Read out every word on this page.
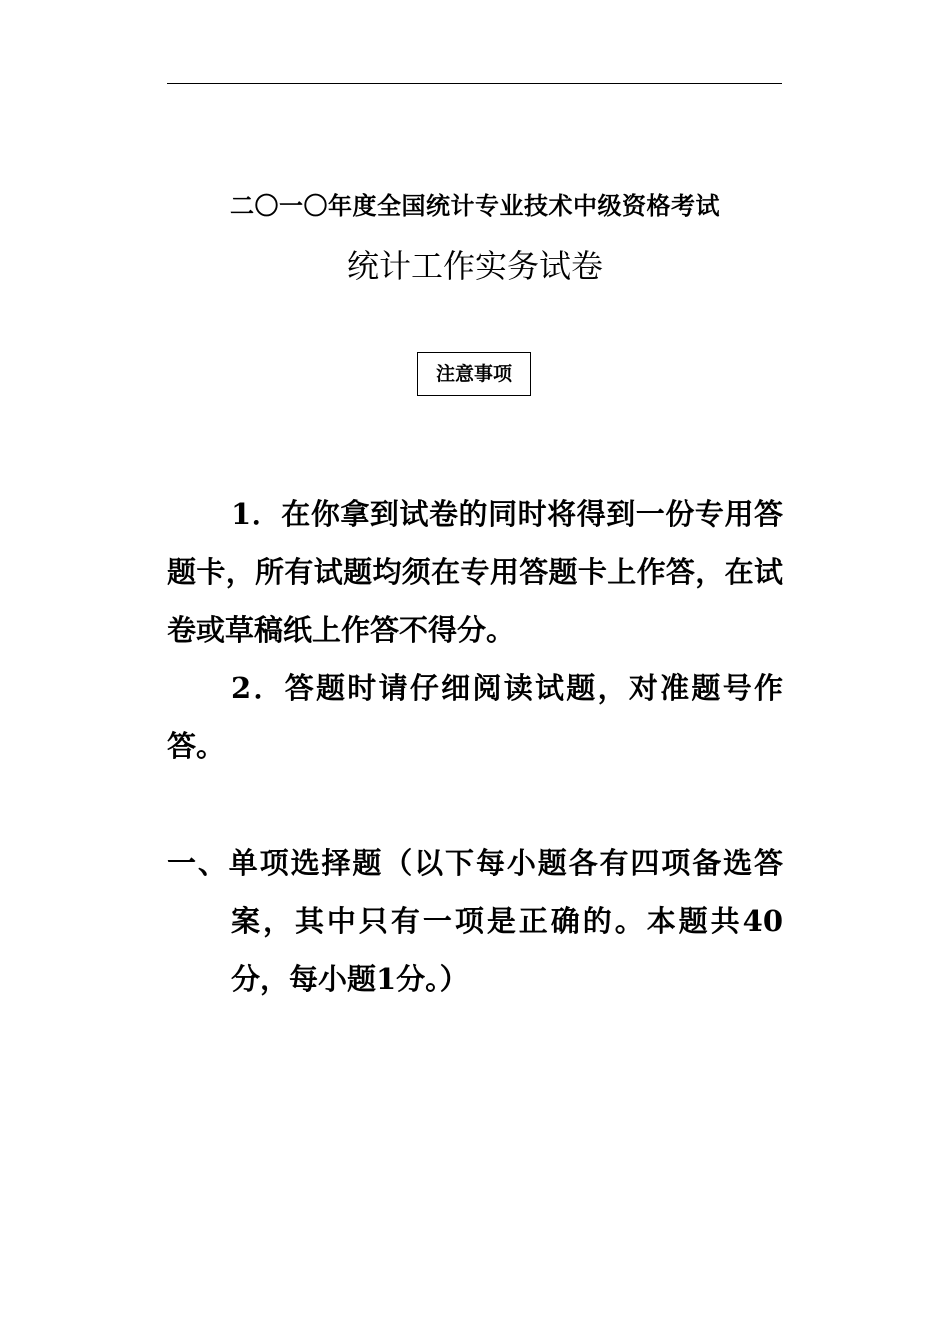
二〇一〇年度全国统计专业技术中级资格考试
统计工作实务试卷
注意事项

1．在你拿到试卷的同时将得到一份专用答题卡，所有试题均须在专用答题卡上作答，在试卷或草稿纸上作答不得分。

2．答题时请仔细阅读试题，对准题号作答。

一、单项选择题（以下每小题各有四项备选答案，其中只有一项是正确的。本题共40分，每小题1分。）
